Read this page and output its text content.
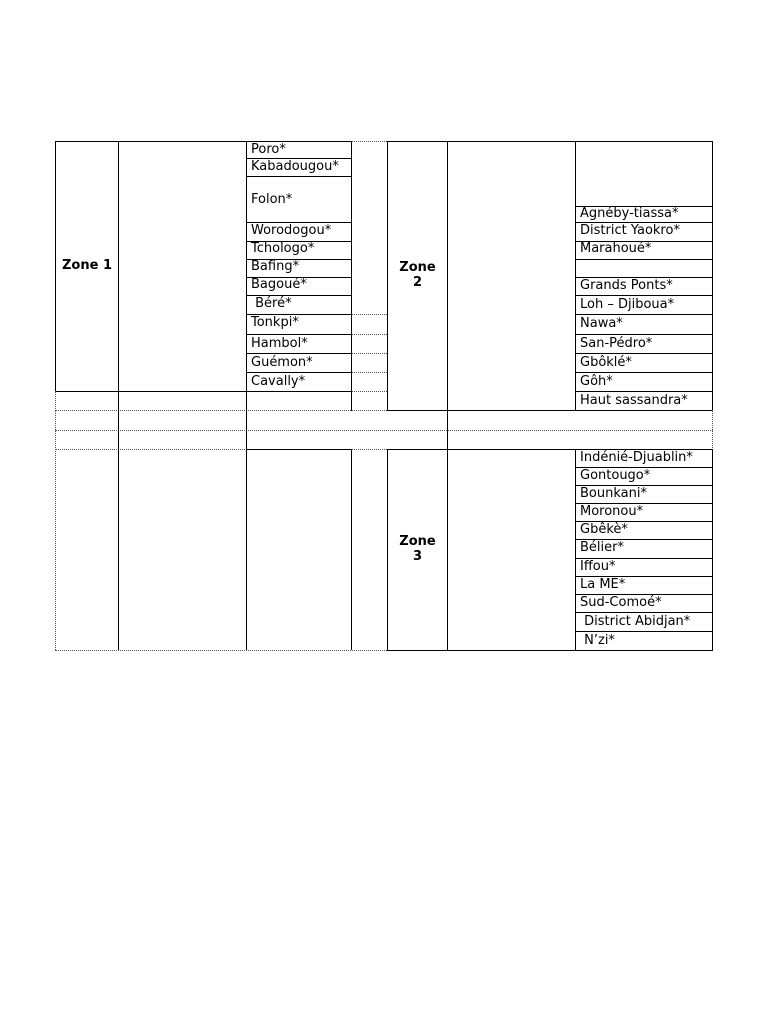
Zone 1	Zone
2
Zone
3
Poro*
Kabadougou*
Folon*
Worodogou*
Tchologo*
Bafing*
Bagoué*
Béré*
Tonkpi*
Hambol*
Guémon*
Cavally*
Agnéby-tiassa*
District Yaokro*
Marahoué*
Grands Ponts*
Loh – Djiboua*
Nawa*
San-Pédro*
Gbôklé*
Gôh*
Haut sassandra*
Indénié-Djuablin*
Gontougo*
Bounkani*
Moronou*
Gbêkè*
Bélier*
Iffou*
La ME*
Sud-Comoé*
District Abidjan*
N’zi*
